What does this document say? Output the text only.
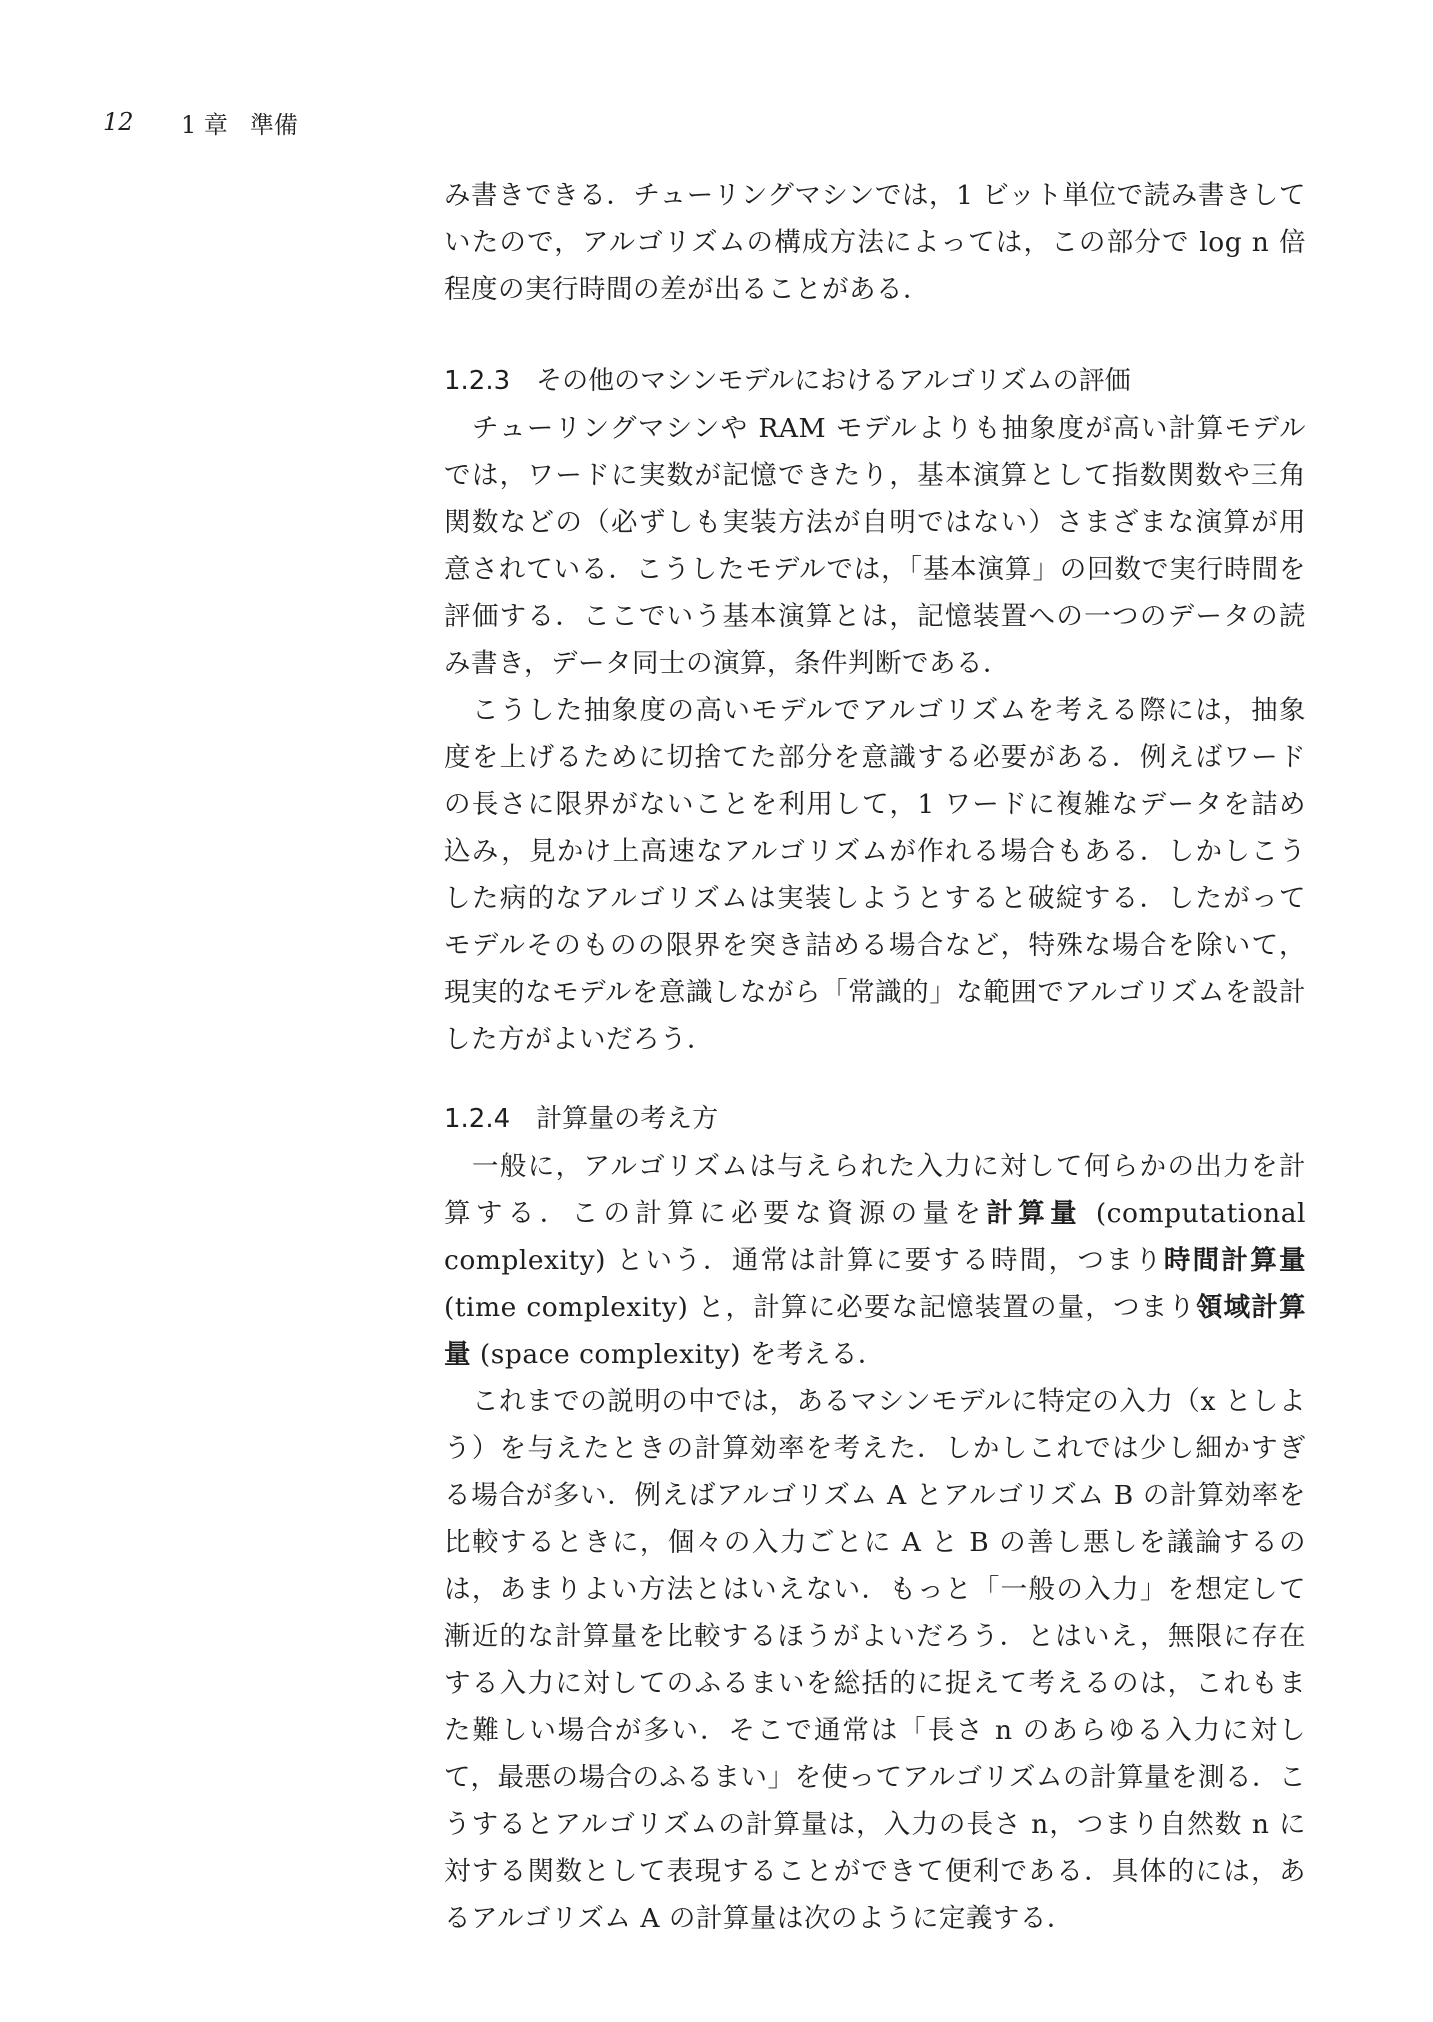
12	1 章 準備

み書きできる．チューリングマシンでは，1 ビット単位で読み書きしていたので，アルゴリズムの構成方法によっては，この部分で log n 倍程度の実行時間の差が出ることがある．

1.2.3 その他のマシンモデルにおけるアルゴリズムの評価

チューリングマシンや RAM モデルよりも抽象度が高い計算モデルでは，ワードに実数が記憶できたり，基本演算として指数関数や三角関数などの（必ずしも実装方法が自明ではない）さまざまな演算が用意されている．こうしたモデルでは，「基本演算」の回数で実行時間を評価する．ここでいう基本演算とは，記憶装置への一つのデータの読み書き，データ同士の演算，条件判断である．

こうした抽象度の高いモデルでアルゴリズムを考える際には，抽象度を上げるために切捨てた部分を意識する必要がある．例えばワードの長さに限界がないことを利用して，1 ワードに複雑なデータを詰め込み，見かけ上高速なアルゴリズムが作れる場合もある．しかしこうした病的なアルゴリズムは実装しようとすると破綻する．したがってモデルそのものの限界を突き詰める場合など，特殊な場合を除いて，現実的なモデルを意識しながら「常識的」な範囲でアルゴリズムを設計した方がよいだろう．

1.2.4 計算量の考え方

一般に，アルゴリズムは与えられた入力に対して何らかの出力を計算する．この計算に必要な資源の量を計算量 (computational complexity) という．通常は計算に要する時間，つまり時間計算量 (time complexity) と，計算に必要な記憶装置の量，つまり領域計算量 (space complexity) を考える．

これまでの説明の中では，あるマシンモデルに特定の入力（x としよう）を与えたときの計算効率を考えた．しかしこれでは少し細かすぎる場合が多い．例えばアルゴリズム A とアルゴリズム B の計算効率を比較するときに，個々の入力ごとに A と B の善し悪しを議論するのは，あまりよい方法とはいえない．もっと「一般の入力」を想定して漸近的な計算量を比較するほうがよいだろう．とはいえ，無限に存在する入力に対してのふるまいを総括的に捉えて考えるのは，これもまた難しい場合が多い．そこで通常は「長さ n のあらゆる入力に対して，最悪の場合のふるまい」を使ってアルゴリズムの計算量を測る．こうするとアルゴリズムの計算量は，入力の長さ n，つまり自然数 n に対する関数として表現することができて便利である．具体的には，あるアルゴリズム A の計算量は次のように定義する．
